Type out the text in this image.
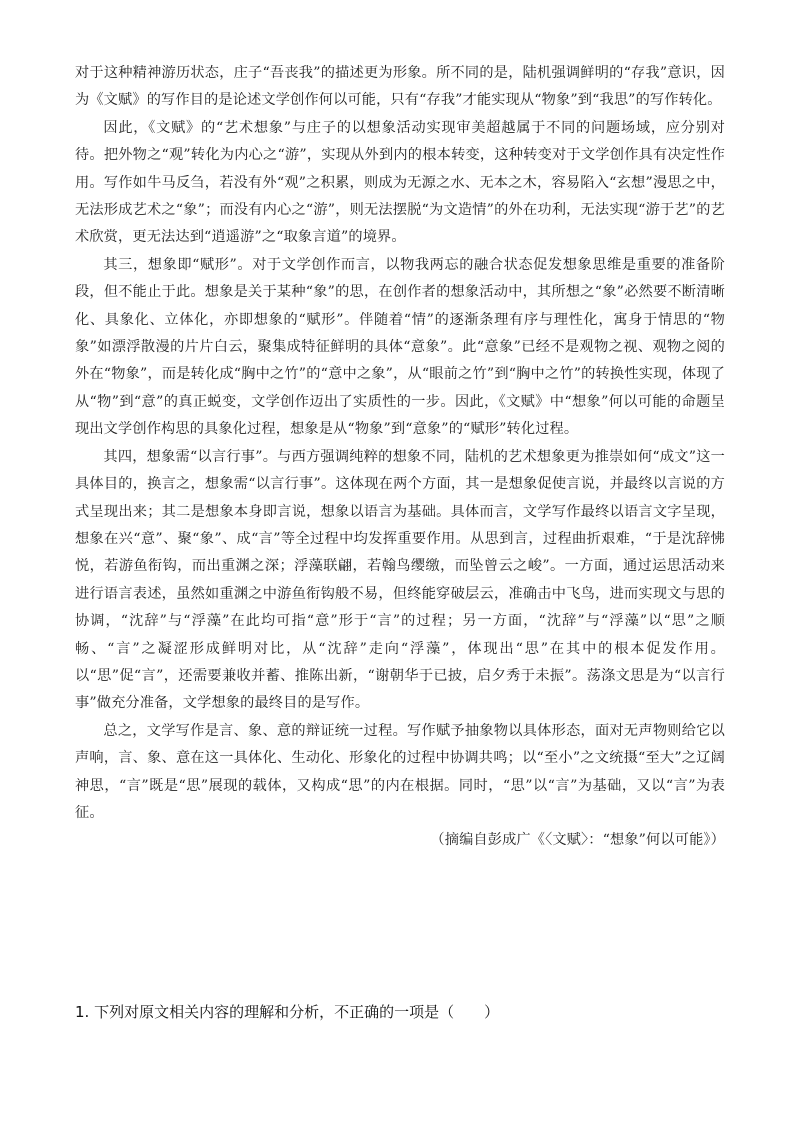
对于这种精神游历状态，庄子“吾丧我”的描述更为形象。所不同的是，陆机强调鲜明的“存我”意识，因为《文赋》的写作目的是论述文学创作何以可能，只有“存我”才能实现从“物象”到“我思”的写作转化。

因此，《文赋》的“艺术想象”与庄子的以想象活动实现审美超越属于不同的问题场域，应分别对待。把外物之“观”转化为内心之“游”，实现从外到内的根本转变，这种转变对于文学创作具有决定性作用。写作如牛马反刍，若没有外“观”之积累，则成为无源之水、无本之木，容易陷入“玄想”漫思之中，无法形成艺术之“象”；而没有内心之“游”，则无法摆脱“为文造情”的外在功利，无法实现“游于艺”的艺术欣赏，更无法达到“逍遥游”之“取象言道”的境界。

其三，想象即“赋形”。对于文学创作而言，以物我两忘的融合状态促发想象思维是重要的准备阶段，但不能止于此。想象是关于某种“象”的思，在创作者的想象活动中，其所想之“象”必然要不断清晰化、具象化、立体化，亦即想象的“赋形”。伴随着“情”的逐渐条理有序与理性化，寓身于情思的“物象”如漂浮散漫的片片白云，聚集成特征鲜明的具体“意象”。此“意象”已经不是观物之视、观物之阅的外在“物象”，而是转化成“胸中之竹”的“意中之象”，从“眼前之竹”到“胸中之竹”的转换性实现，体现了从“物”到“意”的真正蜕变，文学创作迈出了实质性的一步。因此，《文赋》中“想象”何以可能的命题呈现出文学创作构思的具象化过程，想象是从“物象”到“意象”的“赋形”转化过程。

其四，想象需“以言行事”。与西方强调纯粹的想象不同，陆机的艺术想象更为推崇如何“成文”这一具体目的，换言之，想象需“以言行事”。这体现在两个方面，其一是想象促使言说，并最终以言说的方式呈现出来；其二是想象本身即言说，想象以语言为基础。具体而言，文学写作最终以语言文字呈现，想象在兴“意”、聚“象”、成“言”等全过程中均发挥重要作用。从思到言，过程曲折艰难，“于是沈辞怫悦，若游鱼衔钩，而出重渊之深；浮藻联翩，若翰鸟缨缴，而坠曾云之峻”。一方面，通过运思活动来进行语言表述，虽然如重渊之中游鱼衔钩般不易，但终能穿破层云，准确击中飞鸟，进而实现文与思的协调，“沈辞”与“浮藻”在此均可指“意”形于“言”的过程；另一方面，“沈辞”与“浮藻”以“思”之顺畅、“言”之凝涩形成鲜明对比，从“沈辞”走向“浮藻”，体现出“思”在其中的根本促发作用。以“思”促“言”，还需要兼收并蓄、推陈出新，“谢朝华于已披，启夕秀于未振”。荡涤文思是为“以言行事”做充分准备，文学想象的最终目的是写作。

总之，文学写作是言、象、意的辩证统一过程。写作赋予抽象物以具体形态，面对无声物则给它以声响，言、象、意在这一具体化、生动化、形象化的过程中协调共鸣；以“至小”之文统摄“至大”之辽阔神思，“言”既是“思”展现的载体，又构成“思”的内在根据。同时，“思”以“言”为基础，又以“言”为表征。

（摘编自彭成广《〈文赋〉：“想象”何以可能》）

1. 下列对原文相关内容的理解和分析，不正确的一项是（　　）
